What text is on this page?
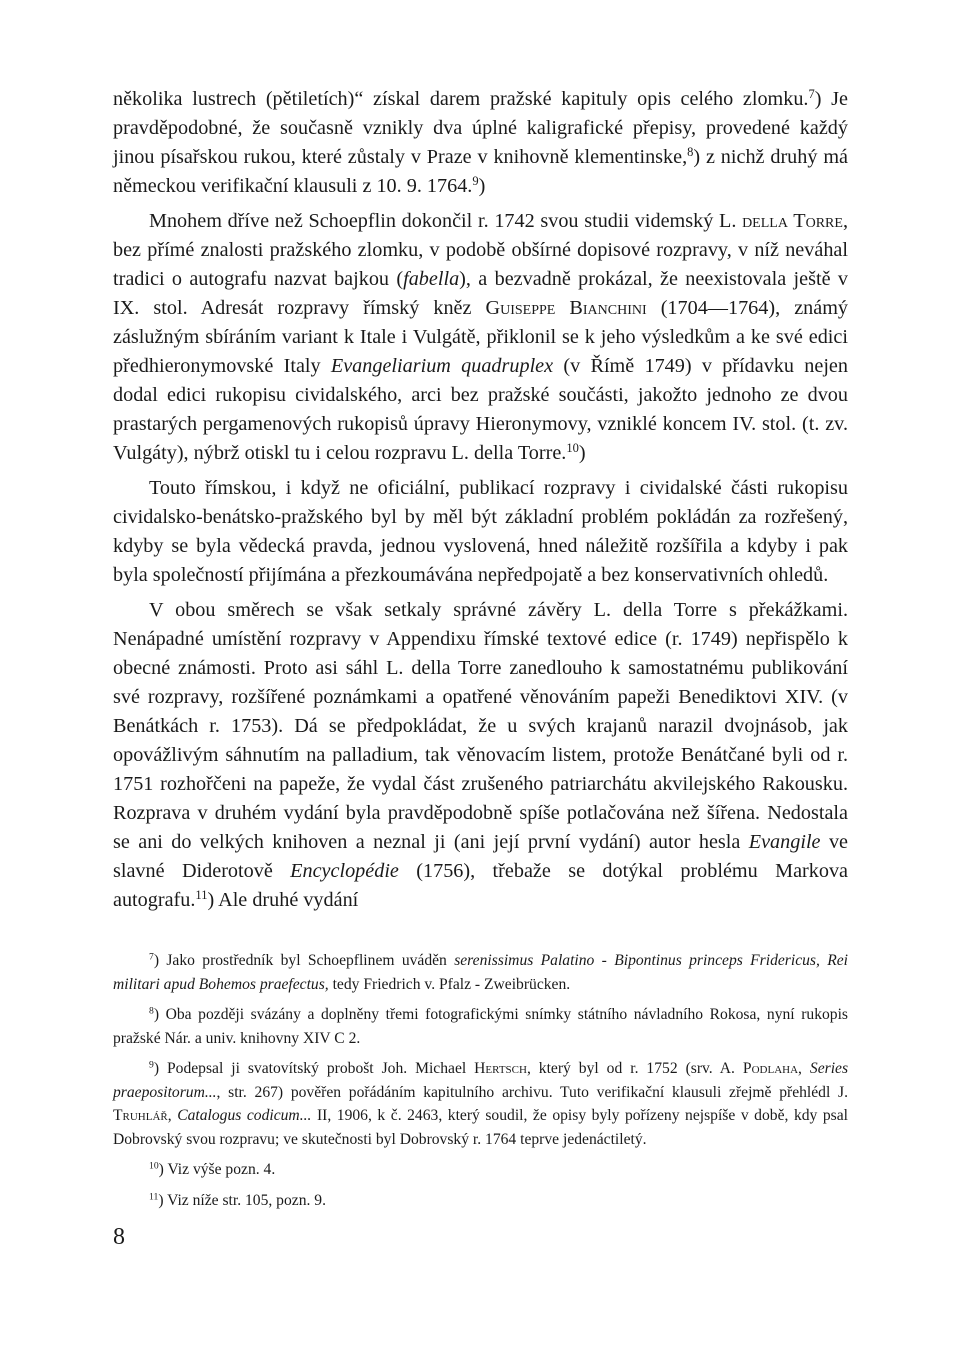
několika lustrech (pětiletích)“ získal darem pražské kapituly opis celého zlomku.$^7$) Je pravděpodobné, že současně vznikly dva úplné kaligrafické přepisy, provedené každý jinou písařskou rukou, které zůstaly v Praze v knihovně klementinske,$^8$) z nichž druhý má německou verifikační klausuli z 10. 9. 1764.$^9$)

Mnohem dříve než Schoepflin dokončil r. 1742 svou studii videmský L. della Torre, bez přímé znalosti pražského zlomku, v podobě obšírné dopisové rozpravy, v níž neváhal tradici o autografu nazvat bajkou (fabella), a bezvadně prokázal, že neexistovala ještě v IX. stol. Adresát rozpravy římský kněz Guiseppe Bianchini (1704—1764), známý záslužným sbíráním variant k Itale i Vulgátě, přiklonil se k jeho výsledkům a ke své edici předhieronymovské Italy Evangeliarium quadruplex (v Římě 1749) v přídavku nejen dodal edici rukopisu cividalského, arci bez pražské součásti, jakožto jednoho ze dvou prastarých pergamenových rukopisů úpravy Hieronymovy, vzniklé koncem IV. stol. (t. zv. Vulgáty), nýbrž otiskl tu i celou rozpravu L. della Torre.$^{10}$)

Touto římskou, i když ne oficiální, publikací rozpravy i cividalské části rukopisu cividalsko-benátsko-pražského byl by měl být základní problém pokládán za rozřešený, kdyby se byla vědecká pravda, jednou vyslovená, hned náležitě rozšířila a kdyby i pak byla společností přijímána a přezkoumávána nepředpojatě a bez konservativních ohledů.

V obou směrech se však setkaly správné závěry L. della Torre s překážkami. Nenápadné umístění rozpravy v Appendixu římské textové edice (r. 1749) nepřispělo k obecné známosti. Proto asi sáhl L. della Torre zanedlouho k samostatnému publikování své rozpravy, rozšířené poznámkami a opatřené věnováním papeži Benediktovi XIV. (v Benátkách r. 1753). Dá se předpokládat, že u svých krajanů narazil dvojnásob, jak opovážlivým sáhnutím na palladium, tak věnovacím listem, protože Benátčané byli od r. 1751 rozhořčeni na papeže, že vydal část zrušeného patriarchátu akvilejského Rakousku. Rozprava v druhém vydání byla pravděpodobně spíše potlačována než šířena. Nedostala se ani do velkých knihoven a neznal ji (ani její první vydání) autor hesla Evangile ve slavné Diderotově Encyclopédie (1756), třebaže se dotýkal problému Markova autografu.$^{11}$) Ale druhé vydání

$^7$) Jako prostředník byl Schoepflinem uváděn serenissimus Palatino - Bipontinus princeps Fridericus, Rei militari apud Bohemos praefectus, tedy Friedrich v. Pfalz - Zweibrücken.

$^8$) Oba později svázány a doplněny třemi fotografickými snímky státního návladního Rokosa, nyní rukopis pražské Nár. a univ. knihovny XIV C 2.

$^9$) Podepsal ji svatovítský probošt Joh. Michael Hertsch, který byl od r. 1752 (srv. A. Podlaha, Series praepositorum..., str. 267) pověřen pořádáním kapitulního archivu. Tuto verifikační klausuli zřejmě přehlédl J. Truhlář, Catalogus codicum... II, 1906, k č. 2463, který soudil, že opisy byly pořízeny nejspíše v době, kdy psal Dobrovský svou rozpravu; ve skutečnosti byl Dobrovský r. 1764 teprve jedenáctiletý.

$^{10}$) Viz výše pozn. 4.

$^{11}$) Viz níže str. 105, pozn. 9.

8
